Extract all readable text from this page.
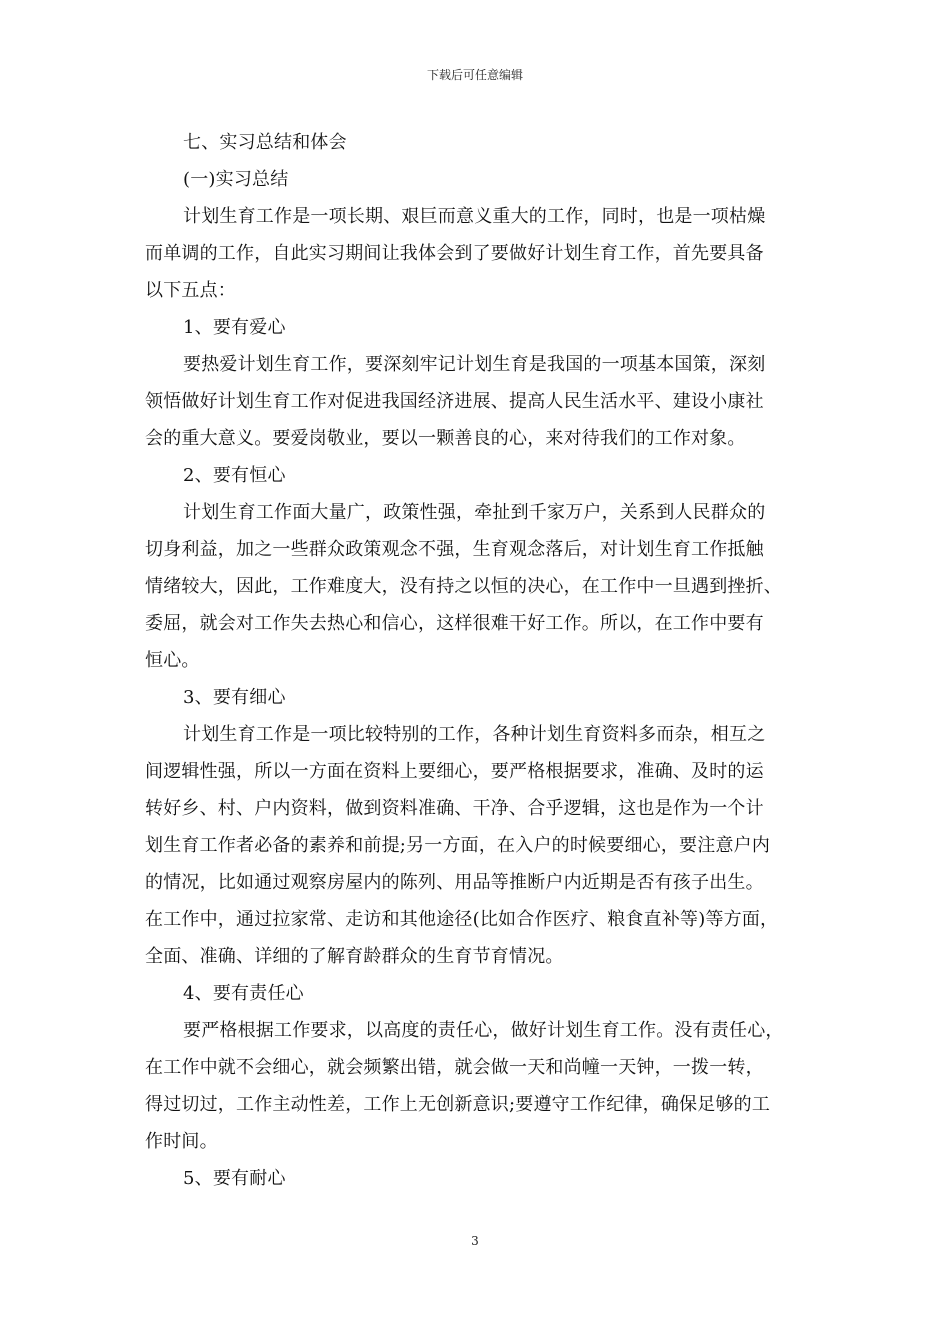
下载后可任意编辑
七、实习总结和体会
(一)实习总结
计划生育工作是一项长期、艰巨而意义重大的工作，同时，也是一项枯燥
而单调的工作，自此实习期间让我体会到了要做好计划生育工作，首先要具备
以下五点：
1、要有爱心
要热爱计划生育工作，要深刻牢记计划生育是我国的一项基本国策，深刻
领悟做好计划生育工作对促进我国经济进展、提高人民生活水平、建设小康社
会的重大意义。要爱岗敬业，要以一颗善良的心，来对待我们的工作对象。
2、要有恒心
计划生育工作面大量广，政策性强，牵扯到千家万户，关系到人民群众的
切身利益，加之一些群众政策观念不强，生育观念落后，对计划生育工作抵触
情绪较大，因此，工作难度大，没有持之以恒的决心，在工作中一旦遇到挫折、
委屈，就会对工作失去热心和信心，这样很难干好工作。所以，在工作中要有
恒心。
3、要有细心
计划生育工作是一项比较特别的工作，各种计划生育资料多而杂，相互之
间逻辑性强，所以一方面在资料上要细心，要严格根据要求，准确、及时的运
转好乡、村、户内资料，做到资料准确、干净、合乎逻辑，这也是作为一个计
划生育工作者必备的素养和前提;另一方面，在入户的时候要细心，要注意户内
的情况，比如通过观察房屋内的陈列、用品等推断户内近期是否有孩子出生。
在工作中，通过拉家常、走访和其他途径(比如合作医疗、粮食直补等)等方面，
全面、准确、详细的了解育龄群众的生育节育情况。
4、要有责任心
要严格根据工作要求，以高度的责任心，做好计划生育工作。没有责任心，
在工作中就不会细心，就会频繁出错，就会做一天和尚幢一天钟，一拨一转，
得过切过，工作主动性差，工作上无创新意识;要遵守工作纪律，确保足够的工
作时间。
5、要有耐心
3
